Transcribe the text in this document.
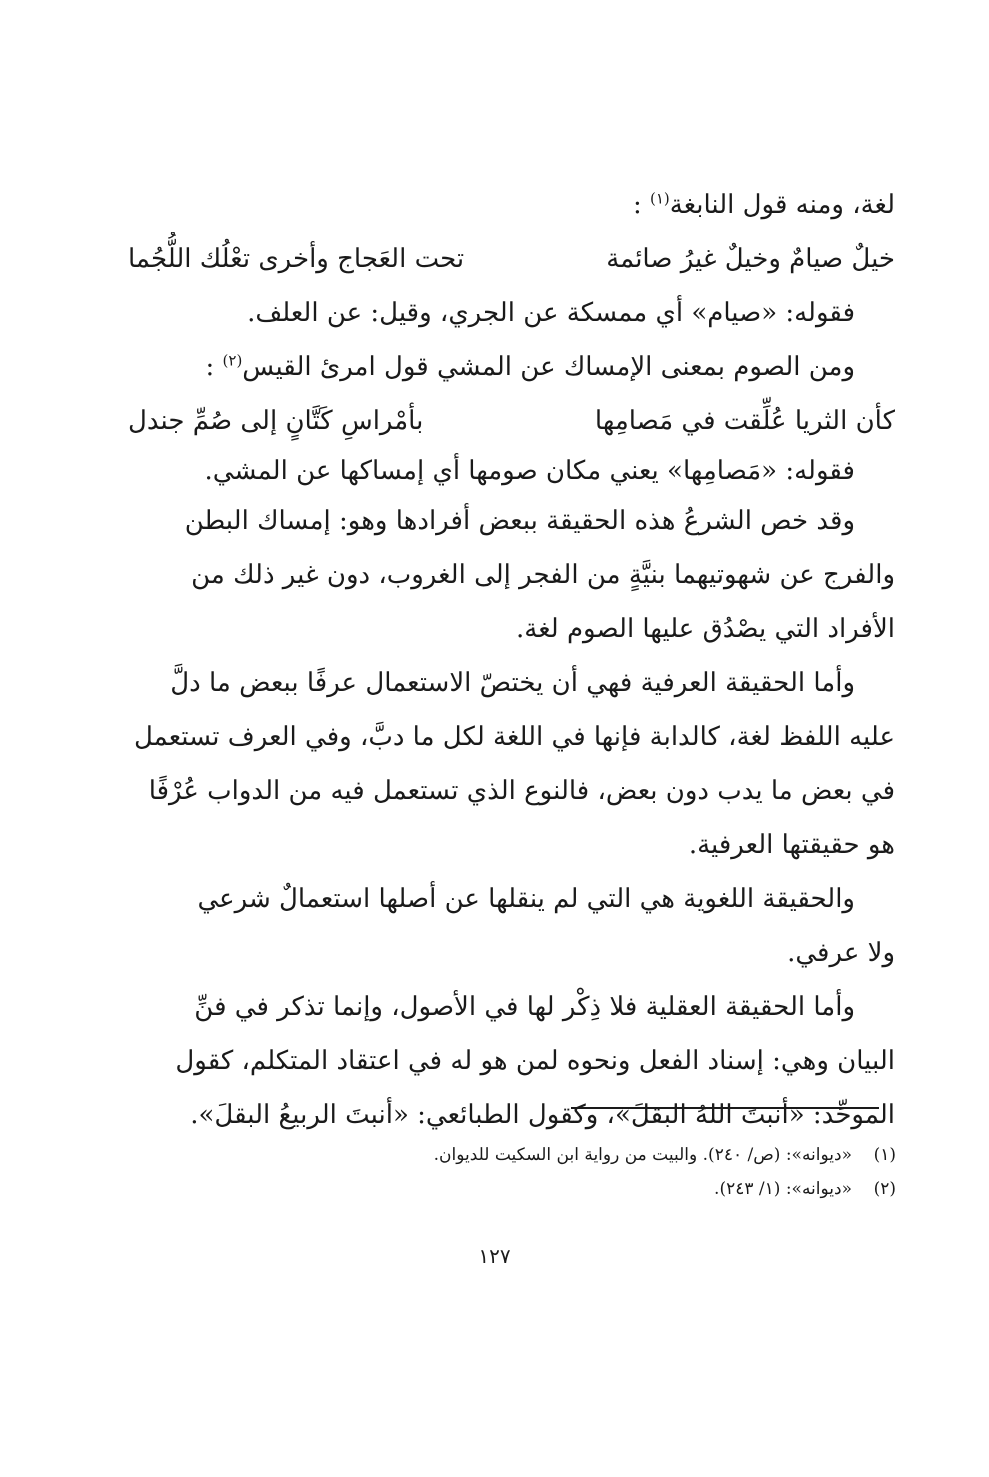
لغة، ومنه قول النابغة$^{(١)}$ :
خيلٌ صيامٌ وخيلٌ غيرُ صائمة
تحت العَجاج وأخرى تعْلُك اللُّجُما
فقوله: «صيام» أي ممسكة عن الجري، وقيل: عن العلف.
ومن الصوم بمعنى الإمساك عن المشي قول امرئ القيس$^{(٢)}$ :
كأن الثريا عُلِّقت في مَصامِها
بأمْراسِ كَتَّانٍ إلى صُمِّ جندل
فقوله: «مَصامِها» يعني مكان صومها أي إمساكها عن المشي.
وقد خص الشرعُ هذه الحقيقة ببعض أفرادها وهو: إمساك البطن
والفرج عن شهوتيهما بنيَّةٍ من الفجر إلى الغروب، دون غير ذلك من
الأفراد التي يصْدُق عليها الصوم لغة.
وأما الحقيقة العرفية فهي أن يختصّ الاستعمال عرفًا ببعض ما دلَّ
عليه اللفظ لغة، كالدابة فإنها في اللغة لكل ما دبَّ، وفي العرف تستعمل
في بعض ما يدب دون بعض، فالنوع الذي تستعمل فيه من الدواب عُرْفًا
هو حقيقتها العرفية.
والحقيقة اللغوية هي التي لم ينقلها عن أصلها استعمالٌ شرعي
ولا عرفي.
وأما الحقيقة العقلية فلا ذِكْر لها في الأصول، وإنما تذكر في فنِّ
البيان وهي: إسناد الفعل ونحوه لمن هو له في اعتقاد المتكلم، كقول
الموحِّد: «أنبتَ اللهُ البقلَ»، وكقول الطبائعي: «أنبتَ الربيعُ البقلَ».
(١)«ديوانه»: (ص/ ٢٤٠). والبيت من رواية ابن السكيت للديوان.
(٢)«ديوانه»: (١/ ٢٤٣).
١٢٧
